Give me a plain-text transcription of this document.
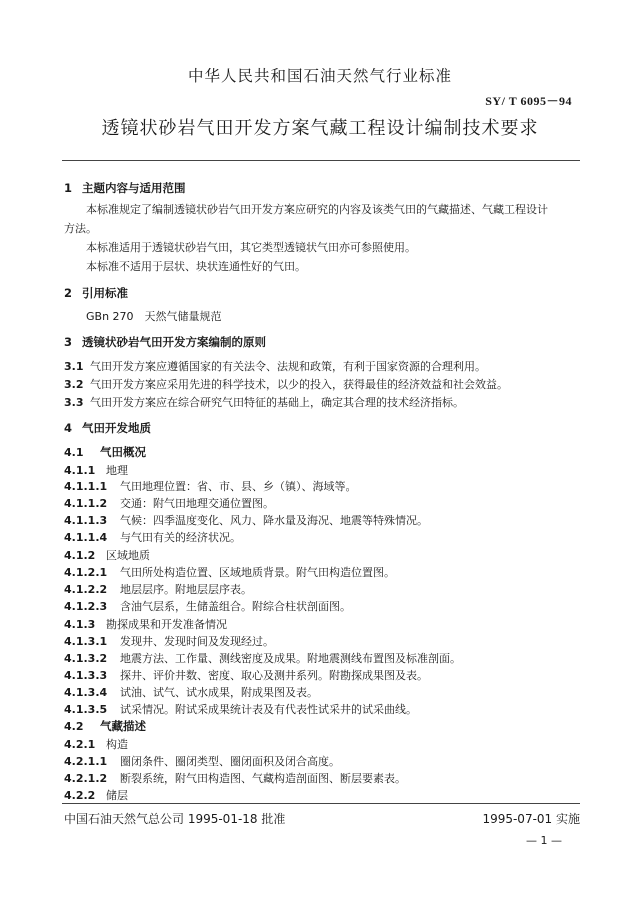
中华人民共和国石油天然气行业标准
SY/ T 6095－94
透镜状砂岩气田开发方案气藏工程设计编制技术要求
1 主题内容与适用范围
本标准规定了编制透镜状砂岩气田开发方案应研究的内容及该类气田的气藏描述、气藏工程设计
方法。
本标准适用于透镜状砂岩气田，其它类型透镜状气田亦可参照使用。
本标准不适用于层状、块状连通性好的气田。
2 引用标准
GBn 270　天然气储量规范
3 透镜状砂岩气田开发方案编制的原则
3.1 气田开发方案应遵循国家的有关法令、法规和政策，有利于国家资源的合理利用。
3.2 气田开发方案应采用先进的科学技术，以少的投入，获得最佳的经济效益和社会效益。
3.3 气田开发方案应在综合研究气田特征的基础上，确定其合理的技术经济指标。
4 气田开发地质
4.1 气田概况
4.1.1 地理
4.1.1.1 气田地理位置：省、市、县、乡（镇）、海域等。
4.1.1.2 交通：附气田地理交通位置图。
4.1.1.3 气候：四季温度变化、风力、降水量及海况、地震等特殊情况。
4.1.1.4 与气田有关的经济状况。
4.1.2 区域地质
4.1.2.1 气田所处构造位置、区域地质背景。附气田构造位置图。
4.1.2.2 地层层序。附地层层序表。
4.1.2.3 含油气层系，生储盖组合。附综合柱状剖面图。
4.1.3 勘探成果和开发准备情况
4.1.3.1 发现井、发现时间及发现经过。
4.1.3.2 地震方法、工作量、测线密度及成果。附地震测线布置图及标准剖面。
4.1.3.3 探井、评价井数、密度、取心及测井系列。附勘探成果图及表。
4.1.3.4 试油、试气、试水成果，附成果图及表。
4.1.3.5 试采情况。附试采成果统计表及有代表性试采井的试采曲线。
4.2 气藏描述
4.2.1 构造
4.2.1.1 圈闭条件、圈闭类型、圈闭面积及闭合高度。
4.2.1.2 断裂系统，附气田构造图、气藏构造剖面图、断层要素表。
4.2.2 储层
中国石油天然气总公司 1995-01-18 批准	1995-07-01 实施
— 1 —
